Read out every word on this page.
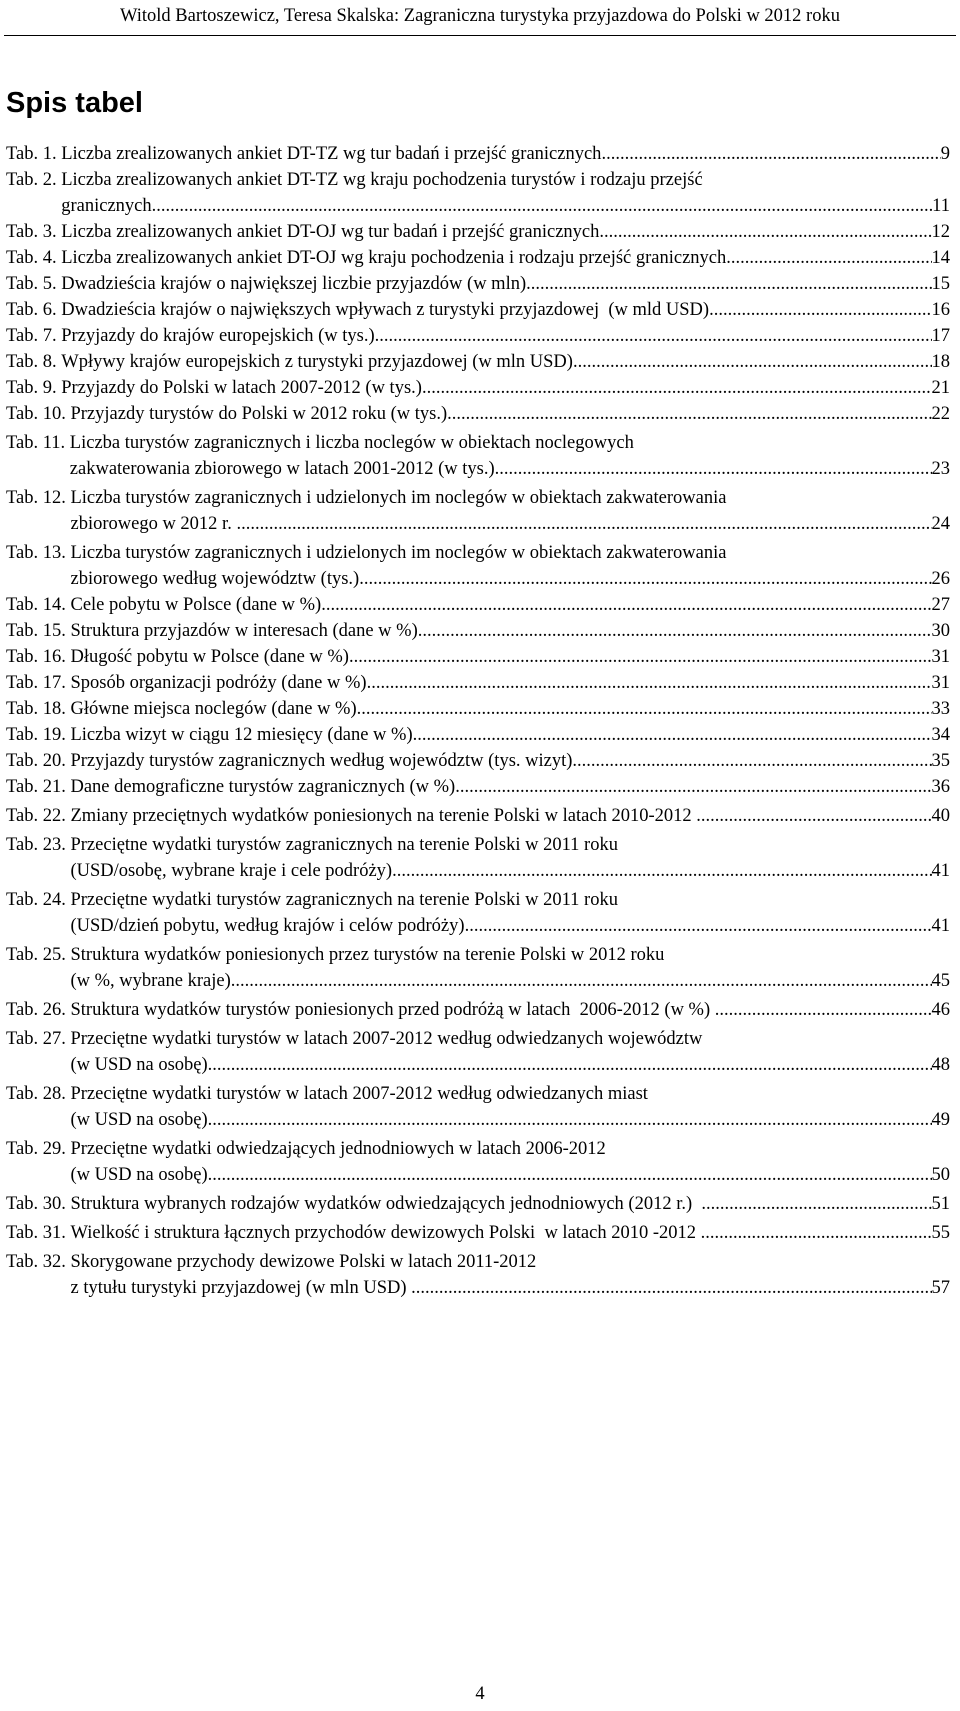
Witold Bartoszewicz, Teresa Skalska: Zagraniczna turystyka przyjazdowa do Polski w 2012 roku
Spis tabel
Tab. 1. Liczba zrealizowanych ankiet DT-TZ wg tur badań i przejść granicznych .....	9
Tab. 2. Liczba zrealizowanych ankiet DT-TZ wg kraju pochodzenia turystów i rodzaju przejść
granicznych .....	11
Tab. 3. Liczba zrealizowanych ankiet DT-OJ wg tur badań i przejść granicznych .....	12
Tab. 4. Liczba zrealizowanych ankiet DT-OJ wg kraju pochodzenia i rodzaju przejść granicznych .....	14
Tab. 5. Dwadzieścia krajów o największej liczbie przyjazdów (w mln) .....	15
Tab. 6. Dwadzieścia krajów o największych wpływach z turystyki przyjazdowej  (w mld USD) .....	16
Tab. 7. Przyjazdy do krajów europejskich (w tys.) .....	17
Tab. 8. Wpływy krajów europejskich z turystyki przyjazdowej (w mln USD) .....	18
Tab. 9. Przyjazdy do Polski w latach 2007-2012 (w tys.) .....	21
Tab. 10. Przyjazdy turystów do Polski w 2012 roku (w tys.) .....	22
Tab. 11. Liczba turystów zagranicznych i liczba noclegów w obiektach noclegowych
zakwaterowania zbiorowego w latach 2001-2012 (w tys.) .....	23
Tab. 12. Liczba turystów zagranicznych i udzielonych im noclegów w obiektach zakwaterowania
zbiorowego w 2012 r. .....	24
Tab. 13. Liczba turystów zagranicznych i udzielonych im noclegów w obiektach zakwaterowania
zbiorowego według województw (tys.) .....	26
Tab. 14. Cele pobytu w Polsce (dane w %) .....	27
Tab. 15. Struktura przyjazdów w interesach (dane w %) .....	30
Tab. 16. Długość pobytu w Polsce (dane w %) .....	31
Tab. 17. Sposób organizacji podróży (dane w %) .....	31
Tab. 18. Główne miejsca noclegów (dane w %) .....	33
Tab. 19. Liczba wizyt w ciągu 12 miesięcy (dane w %) .....	34
Tab. 20. Przyjazdy turystów zagranicznych według województw (tys. wizyt) .....	35
Tab. 21. Dane demograficzne turystów zagranicznych (w %) .....	36
Tab. 22. Zmiany przeciętnych wydatków poniesionych na terenie Polski w latach 2010-2012 .....	40
Tab. 23. Przeciętne wydatki turystów zagranicznych na terenie Polski w 2011 roku
(USD/osobę, wybrane kraje i cele podróży) .....	41
Tab. 24. Przeciętne wydatki turystów zagranicznych na terenie Polski w 2011 roku
(USD/dzień pobytu, według krajów i celów podróży) .....	41
Tab. 25. Struktura wydatków poniesionych przez turystów na terenie Polski w 2012 roku
(w %, wybrane kraje) .....	45
Tab. 26. Struktura wydatków turystów poniesionych przed podróżą w latach  2006-2012 (w %) .....	46
Tab. 27. Przeciętne wydatki turystów w latach 2007-2012 według odwiedzanych województw
(w USD na osobę) .....	48
Tab. 28. Przeciętne wydatki turystów w latach 2007-2012 według odwiedzanych miast
(w USD na osobę) .....	49
Tab. 29. Przeciętne wydatki odwiedzających jednodniowych w latach 2006-2012
(w USD na osobę) .....	50
Tab. 30. Struktura wybranych rodzajów wydatków odwiedzających jednodniowych (2012 r.) .....	51
Tab. 31. Wielkość i struktura łącznych przychodów dewizowych Polski  w latach 2010 -2012 .....	55
Tab. 32. Skorygowane przychody dewizowe Polski w latach 2011-2012
z tytułu turystyki przyjazdowej (w mln USD) .....	57
4
